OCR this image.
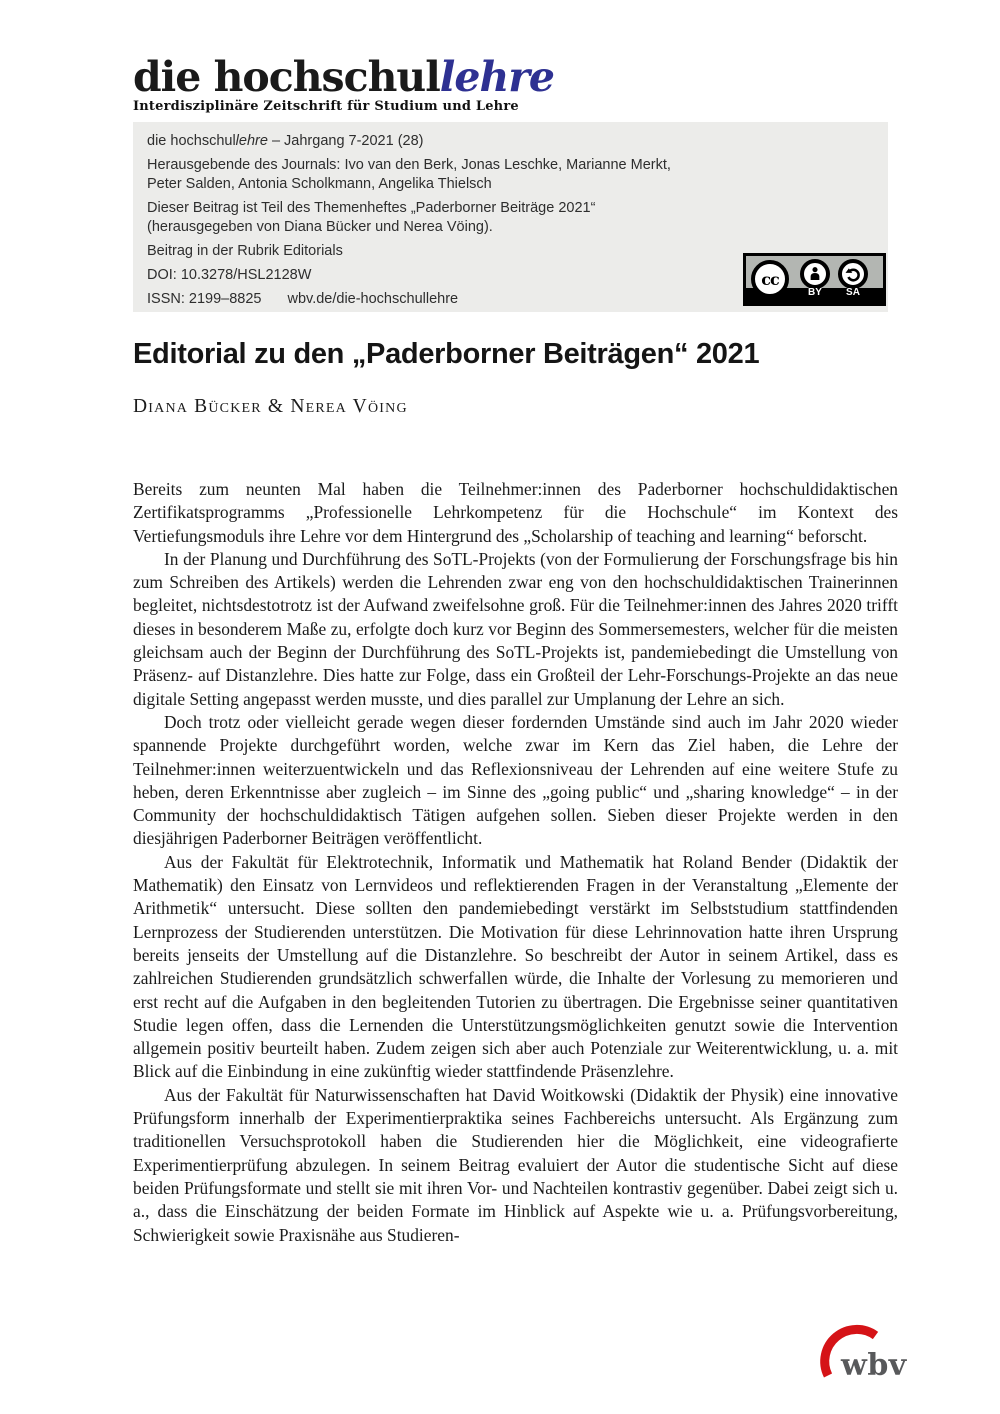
die hochschullehre
Interdisziplinäre Zeitschrift für Studium und Lehre

die hochschullehre – Jahrgang 7-2021 (28)

Herausgebende des Journals: Ivo van den Berk, Jonas Leschke, Marianne Merkt,

Peter Salden, Antonia Scholkmann, Angelika Thielsch

Dieser Beitrag ist Teil des Themenheftes „Paderborner Beiträge 2021“

(herausgegeben von Diana Bücker und Nerea Vöing).

Beitrag in der Rubrik Editorials

DOI: 10.3278/HSL2128W

ISSN: 2199–8825 wbv.de/die-hochschullehre

cc
BY	SA
Editorial zu den „Paderborner Beiträgen“ 2021
Diana Bücker & Nerea Vöing

Bereits zum neunten Mal haben die Teilnehmer:innen des Paderborner hochschuldidaktischen Zertifikatsprogramms „Professionelle Lehrkompetenz für die Hochschule“ im Kontext des Vertiefungsmoduls ihre Lehre vor dem Hintergrund des „Scholarship of teaching and learning“ beforscht.

In der Planung und Durchführung des SoTL-Projekts (von der Formulierung der Forschungsfrage bis hin zum Schreiben des Artikels) werden die Lehrenden zwar eng von den hochschuldidaktischen Trainerinnen begleitet, nichtsdestotrotz ist der Aufwand zweifelsohne groß. Für die Teilnehmer:innen des Jahres 2020 trifft dieses in besonderem Maße zu, erfolgte doch kurz vor Beginn des Sommersemesters, welcher für die meisten gleichsam auch der Beginn der Durchführung des SoTL-Projekts ist, pandemiebedingt die Umstellung von Präsenz- auf Distanzlehre. Dies hatte zur Folge, dass ein Großteil der Lehr-Forschungs-Projekte an das neue digitale Setting angepasst werden musste, und dies parallel zur Umplanung der Lehre an sich.

Doch trotz oder vielleicht gerade wegen dieser fordernden Umstände sind auch im Jahr 2020 wieder spannende Projekte durchgeführt worden, welche zwar im Kern das Ziel haben, die Lehre der Teilnehmer:innen weiterzuentwickeln und das Reflexionsniveau der Lehrenden auf eine weitere Stufe zu heben, deren Erkenntnisse aber zugleich – im Sinne des „going public“ und „sharing knowledge“ – in der Community der hochschuldidaktisch Tätigen aufgehen sollen. Sieben dieser Projekte werden in den diesjährigen Paderborner Beiträgen veröffentlicht.

Aus der Fakultät für Elektrotechnik, Informatik und Mathematik hat Roland Bender (Didaktik der Mathematik) den Einsatz von Lernvideos und reflektierenden Fragen in der Veranstaltung „Elemente der Arithmetik“ untersucht. Diese sollten den pandemiebedingt verstärkt im Selbststudium stattfindenden Lernprozess der Studierenden unterstützen. Die Motivation für diese Lehrinnovation hatte ihren Ursprung bereits jenseits der Umstellung auf die Distanzlehre. So beschreibt der Autor in seinem Artikel, dass es zahlreichen Studierenden grundsätzlich schwerfallen würde, die Inhalte der Vorlesung zu memorieren und erst recht auf die Aufgaben in den begleitenden Tutorien zu übertragen. Die Ergebnisse seiner quantitativen Studie legen offen, dass die Lernenden die Unterstützungsmöglichkeiten genutzt sowie die Intervention allgemein positiv beurteilt haben. Zudem zeigen sich aber auch Potenziale zur Weiterentwicklung, u. a. mit Blick auf die Einbindung in eine zukünftig wieder stattfindende Präsenzlehre.

Aus der Fakultät für Naturwissenschaften hat David Woitkowski (Didaktik der Physik) eine innovative Prüfungsform innerhalb der Experimentierpraktika seines Fachbereichs untersucht. Als Ergänzung zum traditionellen Versuchsprotokoll haben die Studierenden hier die Möglichkeit, eine videografierte Experimentierprüfung abzulegen. In seinem Beitrag evaluiert der Autor die studentische Sicht auf diese beiden Prüfungsformate und stellt sie mit ihren Vor- und Nachteilen kontrastiv gegenüber. Dabei zeigt sich u. a., dass die Einschätzung der beiden Formate im Hinblick auf Aspekte wie u. a. Prüfungsvorbereitung, Schwierigkeit sowie Praxisnähe aus Studieren-

wbv
